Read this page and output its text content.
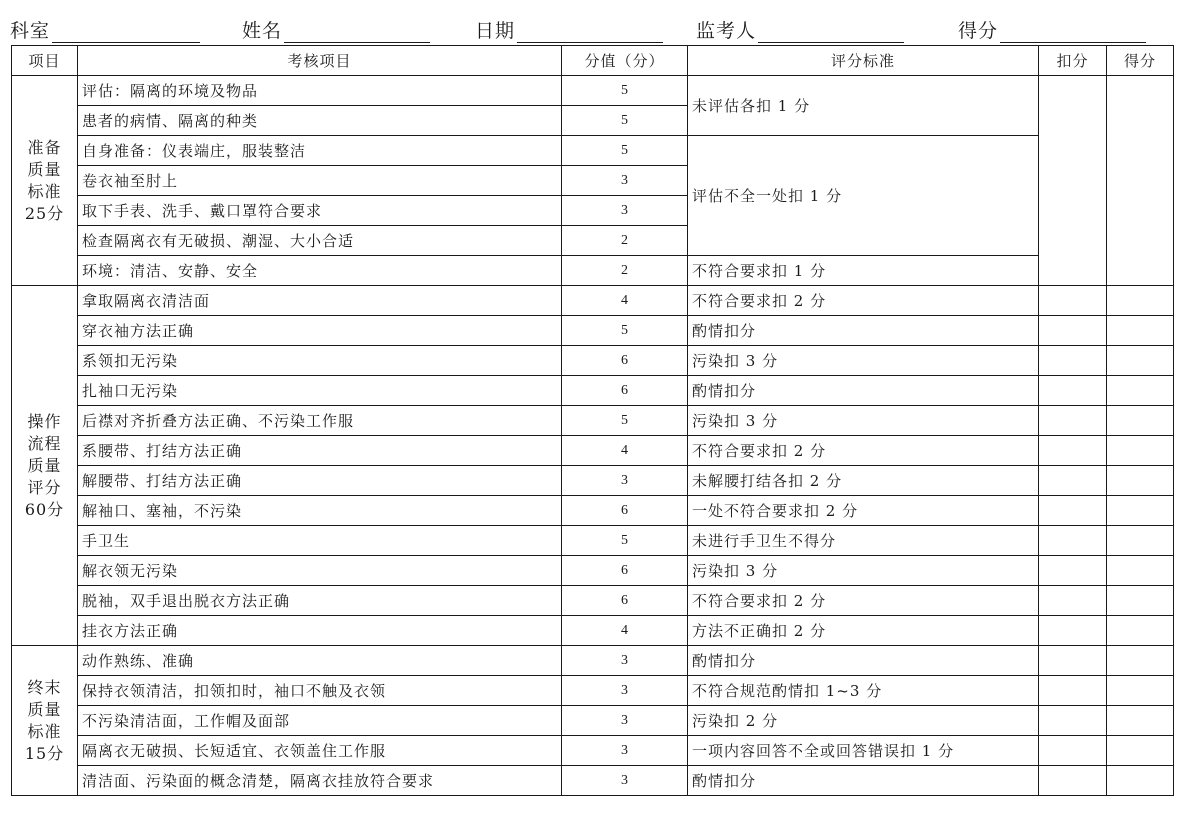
科室	姓名	日期	监考人	得分
项目	考核项目	分值（分）	评分标准	扣分	得分

准备
质量
标准
25分	评估：隔离的环境及物品	5	未评估各扣 1 分		
	患者的病情、隔离的种类	5			
	自身准备：仪表端庄，服装整洁	5	评估不全一处扣 1 分		
	卷衣袖至肘上	3			
	取下手表、洗手、戴口罩符合要求	3			
	检查隔离衣有无破损、潮湿、大小合适	2			
	环境：清洁、安静、安全	2	不符合要求扣 1 分		

操作
流程
质量
评分
60分	拿取隔离衣清洁面	4	不符合要求扣 2 分		
	穿衣袖方法正确	5	酌情扣分		
	系领扣无污染	6	污染扣 3 分		
	扎袖口无污染	6	酌情扣分		
	后襟对齐折叠方法正确、不污染工作服	5	污染扣 3 分		
	系腰带、打结方法正确	4	不符合要求扣 2 分		
	解腰带、打结方法正确	3	未解腰打结各扣 2 分		
	解袖口、塞袖，不污染	6	一处不符合要求扣 2 分		
	手卫生	5	未进行手卫生不得分		
	解衣领无污染	6	污染扣 3 分		
	脱袖，双手退出脱衣方法正确	6	不符合要求扣 2 分		
	挂衣方法正确	4	方法不正确扣 2 分		

终末
质量
标准
15分	动作熟练、准确	3	酌情扣分		
	保持衣领清洁，扣领扣时，袖口不触及衣领	3	不符合规范酌情扣 1~3 分		
	不污染清洁面，工作帽及面部	3	污染扣 2 分		
	隔离衣无破损、长短适宜、衣领盖住工作服	3	一项内容回答不全或回答错误扣 1 分		
	清洁面、污染面的概念清楚，隔离衣挂放符合要求	3	酌情扣分		
